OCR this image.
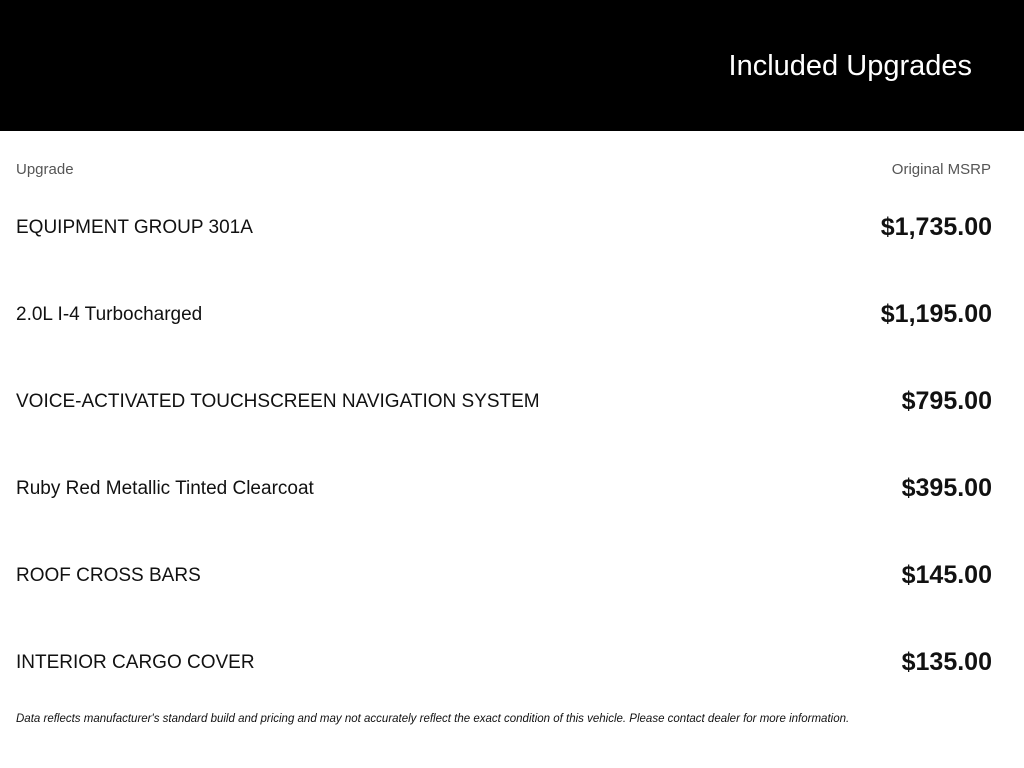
Included Upgrades
Upgrade	Original MSRP
EQUIPMENT GROUP 301A	$1,735.00
2.0L I-4 Turbocharged	$1,195.00
VOICE-ACTIVATED TOUCHSCREEN NAVIGATION SYSTEM	$795.00
Ruby Red Metallic Tinted Clearcoat	$395.00
ROOF CROSS BARS	$145.00
INTERIOR CARGO COVER	$135.00
Data reflects manufacturer's standard build and pricing and may not accurately reflect the exact condition of this vehicle. Please contact dealer for more information.
